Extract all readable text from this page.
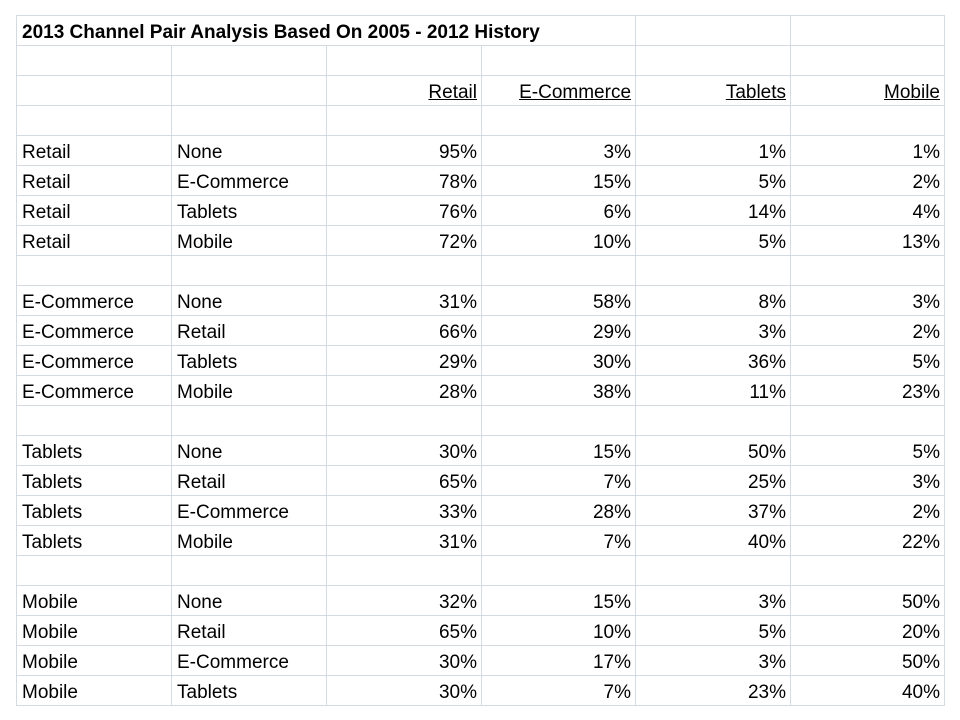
2013 Channel Pair Analysis Based On 2005 - 2012 History					

		Retail	E-Commerce	Tablets	Mobile

Retail	None	95%	3%	1%	1%
Retail	E-Commerce	78%	15%	5%	2%
Retail	Tablets	76%	6%	14%	4%
Retail	Mobile	72%	10%	5%	13%

E-Commerce	None	31%	58%	8%	3%
E-Commerce	Retail	66%	29%	3%	2%
E-Commerce	Tablets	29%	30%	36%	5%
E-Commerce	Mobile	28%	38%	11%	23%

Tablets	None	30%	15%	50%	5%
Tablets	Retail	65%	7%	25%	3%
Tablets	E-Commerce	33%	28%	37%	2%
Tablets	Mobile	31%	7%	40%	22%

Mobile	None	32%	15%	3%	50%
Mobile	Retail	65%	10%	5%	20%
Mobile	E-Commerce	30%	17%	3%	50%
Mobile	Tablets	30%	7%	23%	40%
